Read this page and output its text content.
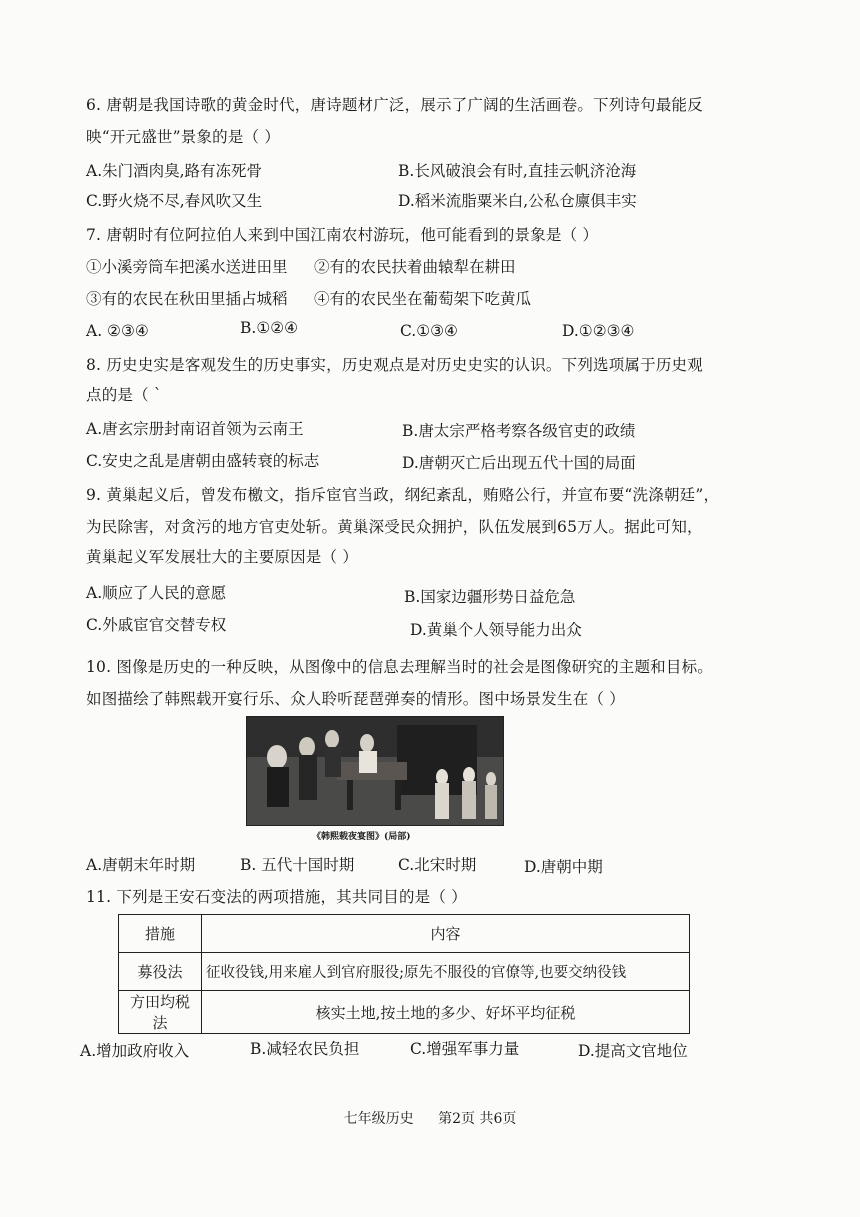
6. 唐朝是我国诗歌的黄金时代，唐诗题材广泛，展示了广阔的生活画卷。下列诗句最能反
映“开元盛世”景象的是（ ）
A.朱门酒肉臭,路有冻死骨	B.长风破浪会有时,直挂云帆济沧海
C.野火烧不尽,春风吹又生	D.稻米流脂粟米白,公私仓廪俱丰实
7. 唐朝时有位阿拉伯人来到中国江南农村游玩，他可能看到的景象是（ ）
①小溪旁筒车把溪水送进田里 ②有的农民扶着曲辕犁在耕田
③有的农民在秋田里插占城稻 ④有的农民坐在葡萄架下吃黄瓜
A. ②③④	B.①②④	C.①③④	D.①②③④
8. 历史史实是客观发生的历史事实，历史观点是对历史史实的认识。下列选项属于历史观
点的是（ `
A.唐玄宗册封南诏首领为云南王	B.唐太宗严格考察各级官吏的政绩
C.安史之乱是唐朝由盛转衰的标志	D.唐朝灭亡后出现五代十国的局面
9. 黄巢起义后，曾发布檄文，指斥宦官当政，纲纪紊乱，贿赂公行，并宣布要“洗涤朝廷”，
为民除害，对贪污的地方官吏处斩。黄巢深受民众拥护，队伍发展到65万人。据此可知，
黄巢起义军发展壮大的主要原因是（ ）
A.顺应了人民的意愿	B.国家边疆形势日益危急
C.外戚宦官交替专权	D.黄巢个人领导能力出众
10. 图像是历史的一种反映，从图像中的信息去理解当时的社会是图像研究的主题和目标。
如图描绘了韩熙载开宴行乐、众人聆听琵琶弹奏的情形。图中场景发生在（ ）
《韩熙载夜宴图》(局部)
A.唐朝末年时期	B. 五代十国时期	C.北宋时期	D.唐朝中期
11. 下列是王安石变法的两项措施，其共同目的是（ ）
措施	内容
募役法	征收役钱,用来雇人到官府服役;原先不服役的官僚等,也要交纳役钱
方田均税法	核实土地,按土地的多少、好坏平均征税
A.增加政府收入	B.减轻农民负担	C.增强军事力量	D.提高文官地位
七年级历史 第2页 共6页
